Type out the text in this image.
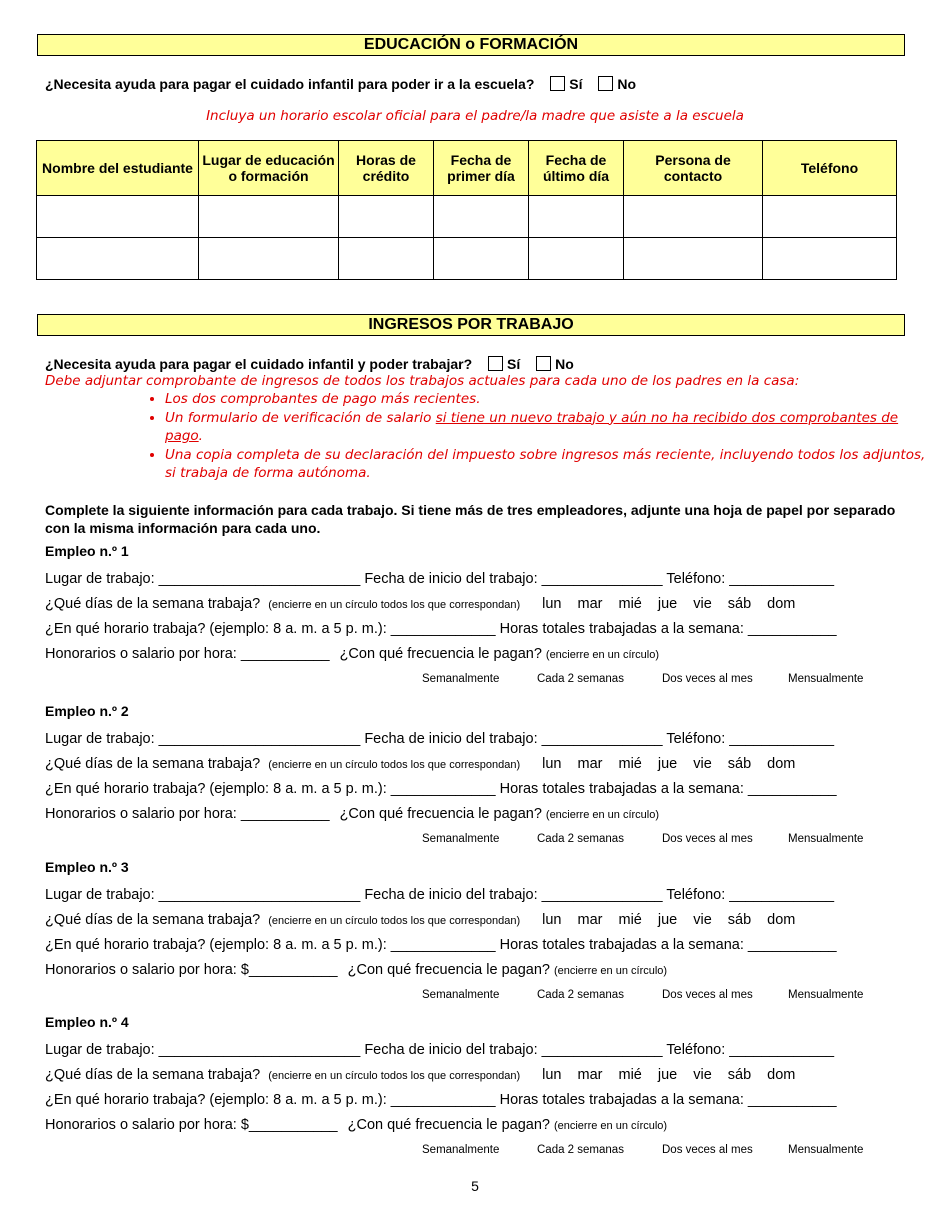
EDUCACIÓN o FORMACIÓN
¿Necesita ayuda para pagar el cuidado infantil para poder ir a la escuela? Sí No
Incluya un horario escolar oficial para el padre/la madre que asiste a la escuela
Nombre del estudiante	Lugar de educación o formación	Horas de crédito	Fecha de primer día	Fecha de último día	Persona de contacto	Teléfono

INGRESOS POR TRABAJO
¿Necesita ayuda para pagar el cuidado infantil y poder trabajar? Sí No
Debe adjuntar comprobante de ingresos de todos los trabajos actuales para cada uno de los padres en la casa:
• Los dos comprobantes de pago más recientes.
• Un formulario de verificación de salario si tiene un nuevo trabajo y aún no ha recibido dos comprobantes de pago.
• Una copia completa de su declaración del impuesto sobre ingresos más reciente, incluyendo todos los adjuntos, si trabaja de forma autónoma.
Complete la siguiente información para cada trabajo. Si tiene más de tres empleadores, adjunte una hoja de papel por separado con la misma información para cada uno.
Empleo n.º 1
Lugar de trabajo: _________________________ Fecha de inicio del trabajo: _______________ Teléfono: _____________
¿Qué días de la semana trabaja? (encierre en un círculo todos los que correspondan) lun mar mié jue vie sáb dom
¿En qué horario trabaja? (ejemplo: 8 a. m. a 5 p. m.): _____________ Horas totales trabajadas a la semana: ___________
Honorarios o salario por hora: ___________ ¿Con qué frecuencia le pagan? (encierre en un círculo)
Semanalmente	Cada 2 semanas	Dos veces al mes	Mensualmente
Empleo n.º 2
Lugar de trabajo: _________________________ Fecha de inicio del trabajo: _______________ Teléfono: _____________
¿Qué días de la semana trabaja? (encierre en un círculo todos los que correspondan) lun mar mié jue vie sáb dom
¿En qué horario trabaja? (ejemplo: 8 a. m. a 5 p. m.): _____________ Horas totales trabajadas a la semana: ___________
Honorarios o salario por hora: ___________ ¿Con qué frecuencia le pagan? (encierre en un círculo)
Semanalmente	Cada 2 semanas	Dos veces al mes	Mensualmente
Empleo n.º 3
Lugar de trabajo: _________________________ Fecha de inicio del trabajo: _______________ Teléfono: _____________
¿Qué días de la semana trabaja? (encierre en un círculo todos los que correspondan) lun mar mié jue vie sáb dom
¿En qué horario trabaja? (ejemplo: 8 a. m. a 5 p. m.): _____________ Horas totales trabajadas a la semana: ___________
Honorarios o salario por hora: $___________ ¿Con qué frecuencia le pagan? (encierre en un círculo)
Semanalmente	Cada 2 semanas	Dos veces al mes	Mensualmente
Empleo n.º 4
Lugar de trabajo: _________________________ Fecha de inicio del trabajo: _______________ Teléfono: _____________
¿Qué días de la semana trabaja? (encierre en un círculo todos los que correspondan) lun mar mié jue vie sáb dom
¿En qué horario trabaja? (ejemplo: 8 a. m. a 5 p. m.): _____________ Horas totales trabajadas a la semana: ___________
Honorarios o salario por hora: $___________ ¿Con qué frecuencia le pagan? (encierre en un círculo)
Semanalmente	Cada 2 semanas	Dos veces al mes	Mensualmente
5
